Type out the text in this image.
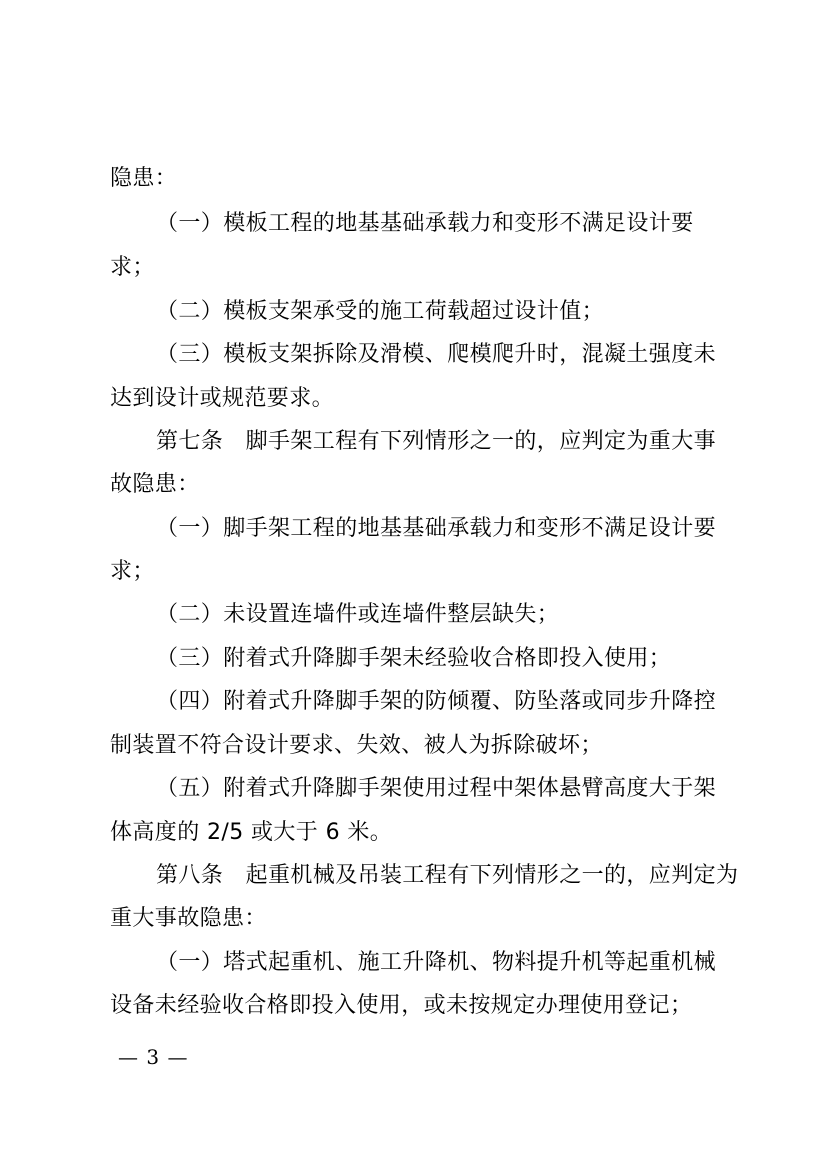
隐患：
（一）模板工程的地基基础承载力和变形不满足设计要
求；
（二）模板支架承受的施工荷载超过设计值；
（三）模板支架拆除及滑模、爬模爬升时，混凝土强度未
达到设计或规范要求。
第七条　脚手架工程有下列情形之一的，应判定为重大事
故隐患：
（一）脚手架工程的地基基础承载力和变形不满足设计要
求；
（二）未设置连墙件或连墙件整层缺失；
（三）附着式升降脚手架未经验收合格即投入使用；
（四）附着式升降脚手架的防倾覆、防坠落或同步升降控
制装置不符合设计要求、失效、被人为拆除破坏；
（五）附着式升降脚手架使用过程中架体悬臂高度大于架
体高度的 2/5 或大于 6 米。
第八条　起重机械及吊装工程有下列情形之一的，应判定为
重大事故隐患：
（一）塔式起重机、施工升降机、物料提升机等起重机械
设备未经验收合格即投入使用，或未按规定办理使用登记；
— 3 —
